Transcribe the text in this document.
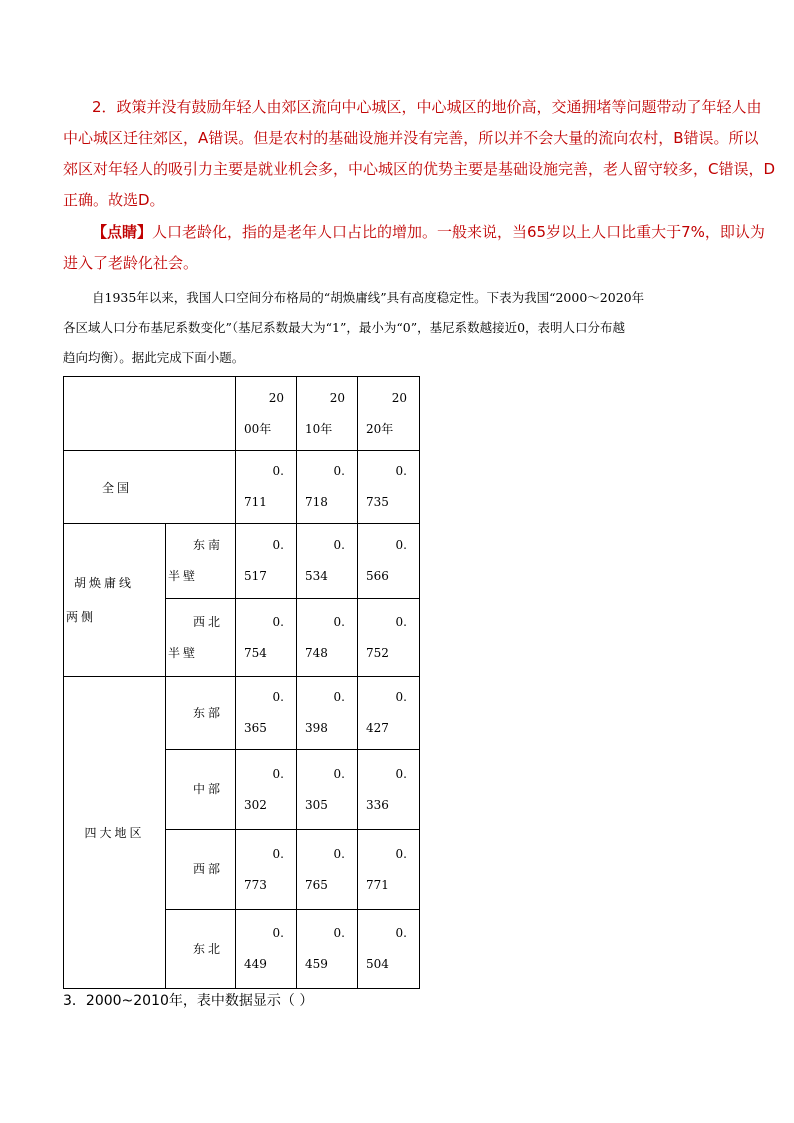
2．政策并没有鼓励年轻人由郊区流向中心城区，中心城区的地价高，交通拥堵等问题带动了年轻人由
中心城区迁往郊区，A错误。但是农村的基础设施并没有完善，所以并不会大量的流向农村，B错误。所以
郊区对年轻人的吸引力主要是就业机会多，中心城区的优势主要是基础设施完善，老人留守较多，C错误，D
正确。故选D。
【点睛】人口老龄化，指的是老年人口占比的增加。一般来说，当65岁以上人口比重大于7%，即认为
进入了老龄化社会。
自1935年以来，我国人口空间分布格局的“胡焕庸线”具有高度稳定性。下表为我国“2000～2020年
各区域人口分布基尼系数变化”（基尼系数最大为“1”，最小为“0”，基尼系数越接近0，表明人口分布越
趋向均衡）。据此完成下面小题。

		20
00年	20
10年	20
20年

全国		0.
711	0.
718	0.
735

胡焕庸线
两侧	东南
半壁	0.
517	0.
534	0.
566

	西北
半壁	0.
754	0.
748	0.
752

四大地区	东部	0.
365	0.
398	0.
427

	中部	0.
302	0.
305	0.
336

	西部	0.
773	0.
765	0.
771

	东北	0.
449	0.
459	0.
504
3．2000~2010年，表中数据显示（ ）
